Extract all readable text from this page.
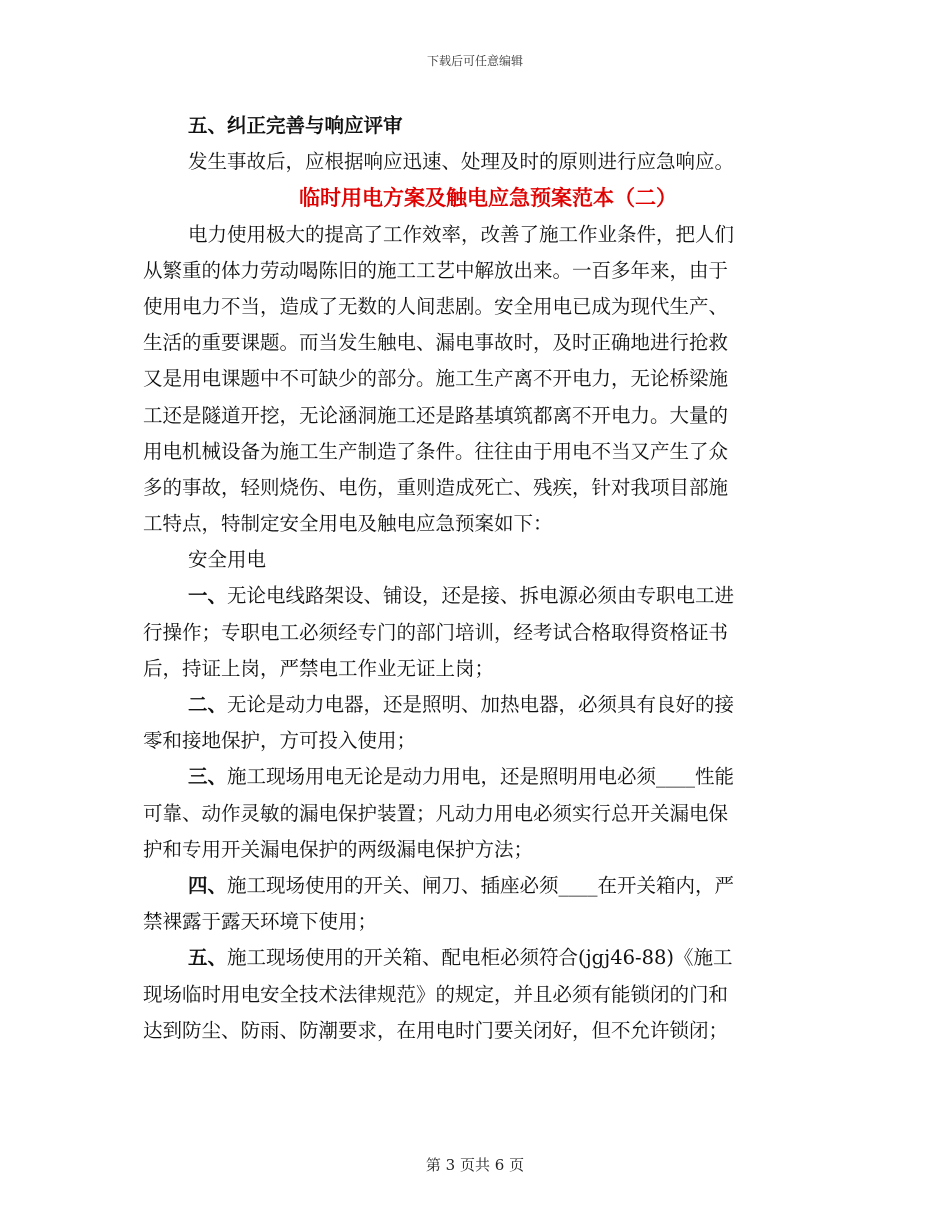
下载后可任意编辑
五、纠正完善与响应评审
发生事故后，应根据响应迅速、处理及时的原则进行应急响应。
临时用电方案及触电应急预案范本（二）
电力使用极大的提高了工作效率，改善了施工作业条件，把人们
从繁重的体力劳动喝陈旧的施工工艺中解放出来。一百多年来，由于
使用电力不当，造成了无数的人间悲剧。安全用电已成为现代生产、
生活的重要课题。而当发生触电、漏电事故时，及时正确地进行抢救
又是用电课题中不可缺少的部分。施工生产离不开电力，无论桥梁施
工还是隧道开挖，无论涵洞施工还是路基填筑都离不开电力。大量的
用电机械设备为施工生产制造了条件。往往由于用电不当又产生了众
多的事故，轻则烧伤、电伤，重则造成死亡、残疾，针对我项目部施
工特点，特制定安全用电及触电应急预案如下：
安全用电
一、无论电线路架设、铺设，还是接、拆电源必须由专职电工进
行操作；专职电工必须经专门的部门培训，经考试合格取得资格证书
后，持证上岗，严禁电工作业无证上岗；
二、无论是动力电器，还是照明、加热电器，必须具有良好的接
零和接地保护，方可投入使用；
三、施工现场用电无论是动力用电，还是照明用电必须____性能
可靠、动作灵敏的漏电保护装置；凡动力用电必须实行总开关漏电保
护和专用开关漏电保护的两级漏电保护方法；
四、施工现场使用的开关、闸刀、插座必须____在开关箱内，严
禁裸露于露天环境下使用；
五、施工现场使用的开关箱、配电柜必须符合(jgj46-88)《施工
现场临时用电安全技术法律规范》的规定，并且必须有能锁闭的门和
达到防尘、防雨、防潮要求，在用电时门要关闭好，但不允许锁闭；
第 3 页共 6 页
